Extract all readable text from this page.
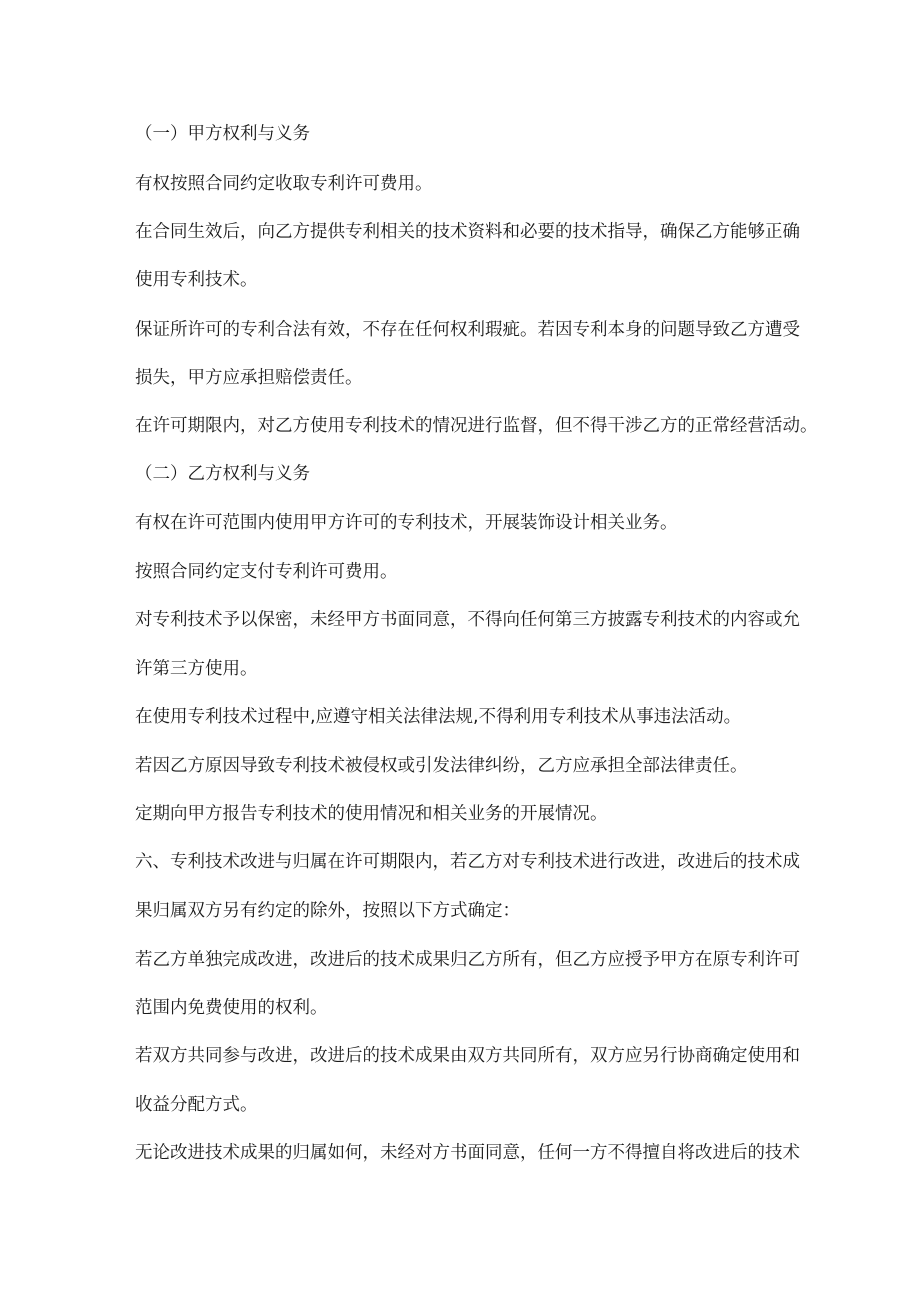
（一）甲方权利与义务

有权按照合同约定收取专利许可费用。

在合同生效后，向乙方提供专利相关的技术资料和必要的技术指导，确保乙方能够正确

使用专利技术。

保证所许可的专利合法有效，不存在任何权利瑕疵。若因专利本身的问题导致乙方遭受

损失，甲方应承担赔偿责任。

在许可期限内，对乙方使用专利技术的情况进行监督，但不得干涉乙方的正常经营活动。

（二）乙方权利与义务

有权在许可范围内使用甲方许可的专利技术，开展装饰设计相关业务。

按照合同约定支付专利许可费用。

对专利技术予以保密，未经甲方书面同意，不得向任何第三方披露专利技术的内容或允

许第三方使用。

在使用专利技术过程中,应遵守相关法律法规,不得利用专利技术从事违法活动。

若因乙方原因导致专利技术被侵权或引发法律纠纷，乙方应承担全部法律责任。

定期向甲方报告专利技术的使用情况和相关业务的开展情况。

六、专利技术改进与归属在许可期限内，若乙方对专利技术进行改进，改进后的技术成

果归属双方另有约定的除外，按照以下方式确定：

若乙方单独完成改进，改进后的技术成果归乙方所有，但乙方应授予甲方在原专利许可

范围内免费使用的权利。

若双方共同参与改进，改进后的技术成果由双方共同所有，双方应另行协商确定使用和

收益分配方式。

无论改进技术成果的归属如何，未经对方书面同意，任何一方不得擅自将改进后的技术
